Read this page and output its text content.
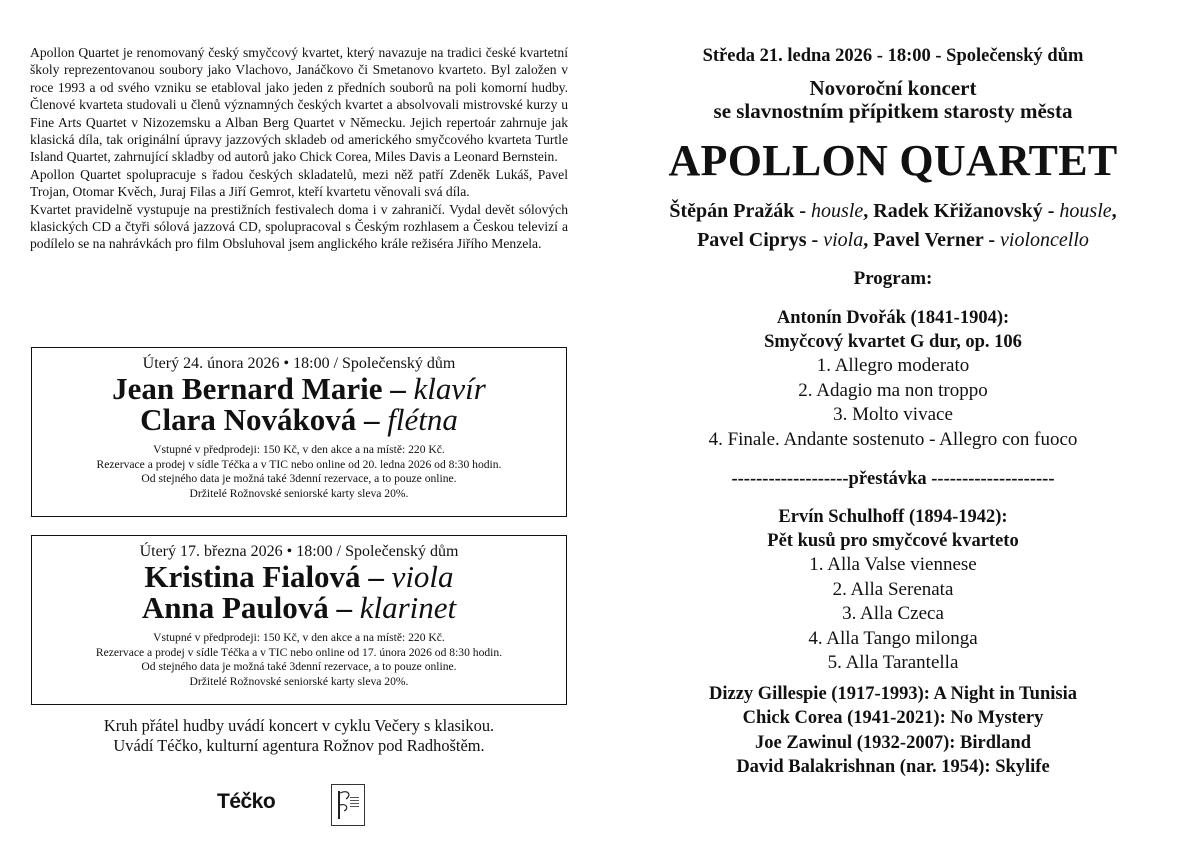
Apollon Quartet je renomovaný český smyčcový kvartet, který navazuje na tradici české kvartetní školy reprezentovanou soubory jako Vlachovo, Janáčkovo či Smetanovo kvarteto. Byl založen v roce 1993 a od svého vzniku se etabloval jako jeden z předních souborů na poli komorní hudby. Členové kvarteta studovali u členů významných českých kvartet a absolvovali mistrovské kurzy u Fine Arts Quartet v Nizozemsku a Alban Berg Quartet v Německu. Jejich repertoár zahrnuje jak klasická díla, tak originální úpravy jazzových skladeb od amerického smyčcového kvarteta Turtle Island Quartet, zahrnující skladby od autorů jako Chick Corea, Miles Davis a Leonard Bernstein.

Apollon Quartet spolupracuje s řadou českých skladatelů, mezi něž patří Zdeněk Lukáš, Pavel Trojan, Otomar Kvěch, Juraj Filas a Jiří Gemrot, kteří kvartetu věnovali svá díla.

Kvartet pravidelně vystupuje na prestižních festivalech doma i v zahraničí. Vydal devět sólových klasických CD a čtyři sólová jazzová CD, spolupracoval s Českým rozhlasem a Českou televizí a podílelo se na nahrávkách pro film Obsluhoval jsem anglického krále režiséra Jiřího Menzela.

Úterý 24. února 2026 • 18:00 / Společenský dům
Jean Bernard Marie – klavír
Clara Nováková – flétna
Vstupné v předprodeji: 150 Kč, v den akce a na místě: 220 Kč.
Rezervace a prodej v sídle Téčka a v TIC nebo online od 20. ledna 2026 od 8:30 hodin.
Od stejného data je možná také 3denní rezervace, a to pouze online.
Držitelé Rožnovské seniorské karty sleva 20%.
Úterý 17. března 2026 • 18:00 / Společenský dům
Kristina Fialová – viola
Anna Paulová – klarinet
Vstupné v předprodeji: 150 Kč, v den akce a na místě: 220 Kč.
Rezervace a prodej v sídle Téčka a v TIC nebo online od 17. února 2026 od 8:30 hodin.
Od stejného data je možná také 3denní rezervace, a to pouze online.
Držitelé Rožnovské seniorské karty sleva 20%.
Kruh přátel hudby uvádí koncert v cyklu Večery s klasikou.
Uvádí Téčko, kulturní agentura Rožnov pod Radhoštěm.
Téčko
Středa 21. ledna 2026 - 18:00 - Společenský dům
Novoroční koncert
se slavnostním přípitkem starosty města
APOLLON QUARTET
Štěpán Pražák - housle, Radek Křižanovský - housle,
Pavel Ciprys - viola, Pavel Verner - violoncello
Program:
Antonín Dvořák (1841-1904):
Smyčcový kvartet G dur, op. 106
1. Allegro moderato
2. Adagio ma non troppo
3. Molto vivace
4. Finale. Andante sostenuto - Allegro con fuoco
-------------------přestávka --------------------
Ervín Schulhoff (1894-1942):
Pět kusů pro smyčcové kvarteto
1. Alla Valse viennese
2. Alla Serenata
3. Alla Czeca
4. Alla Tango milonga
5. Alla Tarantella
Dizzy Gillespie (1917-1993): A Night in Tunisia
Chick Corea (1941-2021): No Mystery
Joe Zawinul (1932-2007): Birdland
David Balakrishnan (nar. 1954): Skylife
